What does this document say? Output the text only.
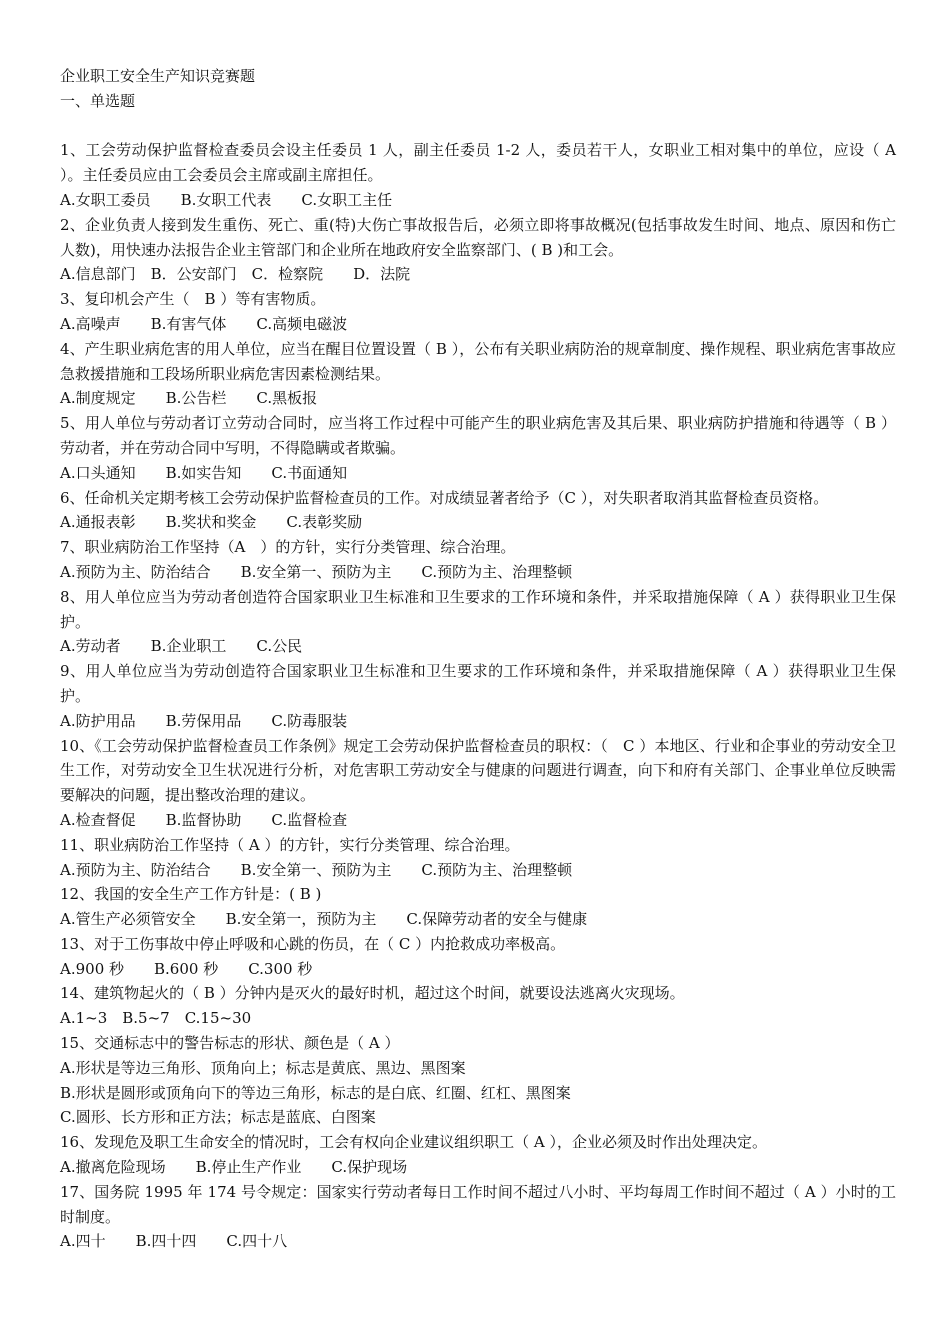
企业职工安全生产知识竞赛题
一、单选题
1、工会劳动保护监督检查委员会设主任委员 1 人，副主任委员 1-2 人，委员若干人，女职业工相对集中的单位，应设（ A ）。主任委员应由工会委员会主席或副主席担任。
A.女职工委员　　B.女职工代表　　C.女职工主任
2、企业负责人接到发生重伤、死亡、重(特)大伤亡事故报告后，必须立即将事故概况(包括事故发生时间、地点、原因和伤亡人数)，用快速办法报告企业主管部门和企业所在地政府安全监察部门、( B )和工会。
A.信息部门　B．公安部门　C．检察院　　D．法院
3、复印机会产生（　B ）等有害物质。
A.高噪声　　B.有害气体　　C.高频电磁波
4、产生职业病危害的用人单位，应当在醒目位置设置（ B ），公布有关职业病防治的规章制度、操作规程、职业病危害事故应急救援措施和工段场所职业病危害因素检测结果。
A.制度规定　　B.公告栏　　C.黑板报
5、用人单位与劳动者订立劳动合同时，应当将工作过程中可能产生的职业病危害及其后果、职业病防护措施和待遇等（ B ）劳动者，并在劳动合同中写明，不得隐瞒或者欺骗。
A.口头通知　　B.如实告知　　C.书面通知
6、任命机关定期考核工会劳动保护监督检查员的工作。对成绩显著者给予（C ），对失职者取消其监督检查员资格。
A.通报表彰　　B.奖状和奖金　　C.表彰奖励
7、职业病防治工作坚持（A　）的方针，实行分类管理、综合治理。
A.预防为主、防治结合　　B.安全第一、预防为主　　C.预防为主、治理整顿
8、用人单位应当为劳动者创造符合国家职业卫生标准和卫生要求的工作环境和条件，并采取措施保障（ A ）获得职业卫生保护。
A.劳动者　　B.企业职工　　C.公民
9、用人单位应当为劳动创造符合国家职业卫生标准和卫生要求的工作环境和条件，并采取措施保障（ A ）获得职业卫生保护。
A.防护用品　　B.劳保用品　　C.防毒服装
10、《工会劳动保护监督检查员工作条例》规定工会劳动保护监督检查员的职权：（　C ）本地区、行业和企事业的劳动安全卫生工作，对劳动安全卫生状况进行分析，对危害职工劳动安全与健康的问题进行调查，向下和府有关部门、企事业单位反映需要解决的问题，提出整改治理的建议。
A.检查督促　　B.监督协助　　C.监督检查
11、职业病防治工作坚持（ A ）的方针，实行分类管理、综合治理。
A.预防为主、防治结合　　B.安全第一、预防为主　　C.预防为主、治理整顿
12、我国的安全生产工作方针是：( B )
A.管生产必须管安全　　B.安全第一，预防为主　　C.保障劳动者的安全与健康
13、对于工伤事故中停止呼吸和心跳的伤员，在（ C ）内抢救成功率极高。
A.900 秒　　B.600 秒　　C.300 秒
14、建筑物起火的（ B ）分钟内是灭火的最好时机，超过这个时间，就要设法逃离火灾现场。
A.1~3　B.5~7　C.15~30
15、交通标志中的警告标志的形状、颜色是（ A ）
A.形状是等边三角形、顶角向上；标志是黄底、黑边、黑图案
B.形状是圆形或顶角向下的等边三角形，标志的是白底、红圈、红杠、黑图案
C.圆形、长方形和正方法；标志是蓝底、白图案
16、发现危及职工生命安全的情况时，工会有权向企业建议组织职工（ A ），企业必须及时作出处理决定。
A.撤离危险现场　　B.停止生产作业　　C.保护现场
17、国务院 1995 年 174 号令规定：国家实行劳动者每日工作时间不超过八小时、平均每周工作时间不超过（ A ）小时的工时制度。
A.四十　　B.四十四　　C.四十八
